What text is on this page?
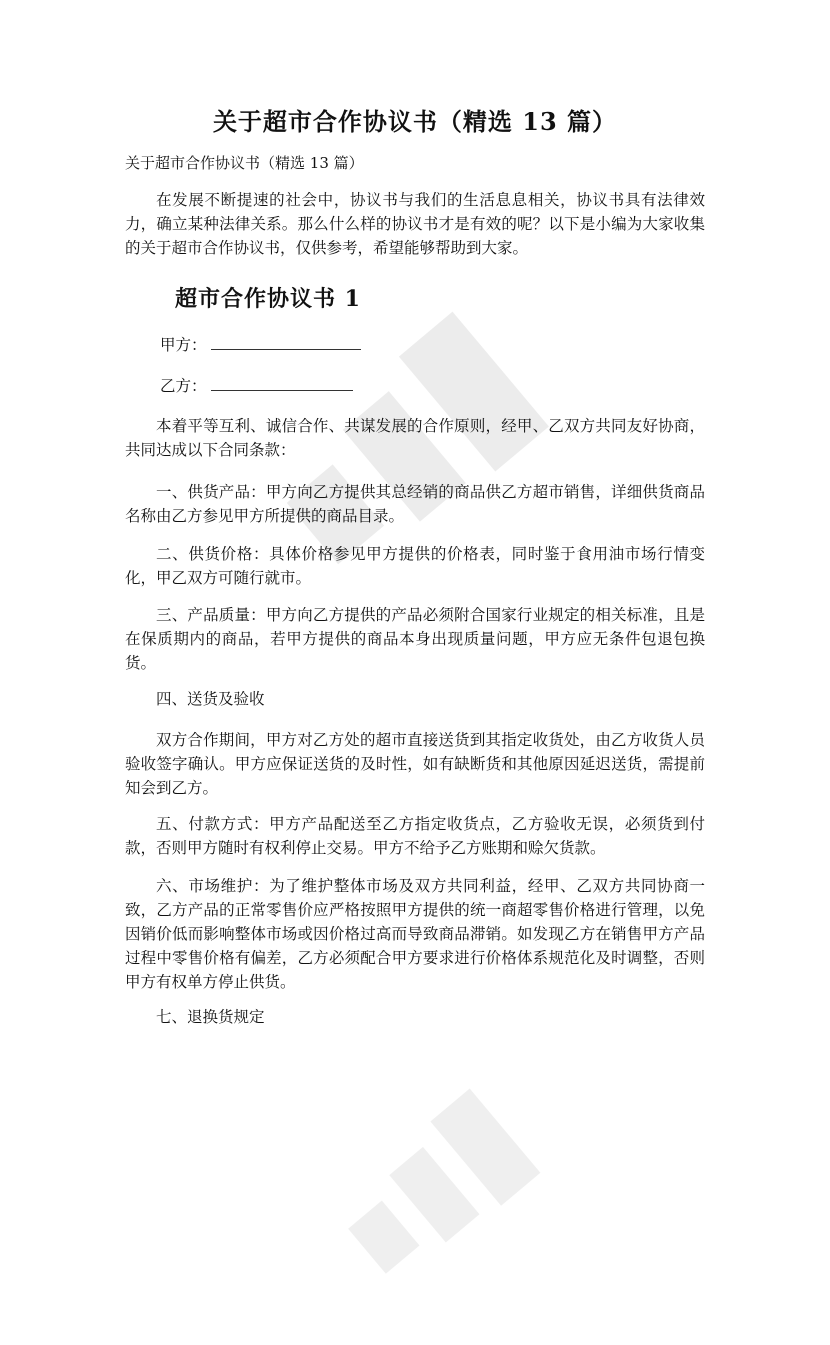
关于超市合作协议书（精选 13 篇）

关于超市合作协议书（精选 13 篇）

在发展不断提速的社会中，协议书与我们的生活息息相关，协议书具有法律效力，确立某种法律关系。那么什么样的协议书才是有效的呢？以下是小编为大家收集的关于超市合作协议书，仅供参考，希望能够帮助到大家。

超市合作协议书 1

甲方：

乙方：

本着平等互利、诚信合作、共谋发展的合作原则，经甲、乙双方共同友好协商，共同达成以下合同条款：

一、供货产品：甲方向乙方提供其总经销的商品供乙方超市销售，详细供货商品名称由乙方参见甲方所提供的商品目录。

二、供货价格：具体价格参见甲方提供的价格表，同时鉴于食用油市场行情变化，甲乙双方可随行就市。

三、产品质量：甲方向乙方提供的产品必须附合国家行业规定的相关标准，且是在保质期内的商品，若甲方提供的商品本身出现质量问题，甲方应无条件包退包换货。

四、送货及验收

双方合作期间，甲方对乙方处的超市直接送货到其指定收货处，由乙方收货人员验收签字确认。甲方应保证送货的及时性，如有缺断货和其他原因延迟送货，需提前知会到乙方。

五、付款方式：甲方产品配送至乙方指定收货点，乙方验收无误，必须货到付款，否则甲方随时有权利停止交易。甲方不给予乙方账期和赊欠货款。

六、市场维护：为了维护整体市场及双方共同利益，经甲、乙双方共同协商一致，乙方产品的正常零售价应严格按照甲方提供的统一商超零售价格进行管理，以免因销价低而影响整体市场或因价格过高而导致商品滞销。如发现乙方在销售甲方产品过程中零售价格有偏差，乙方必须配合甲方要求进行价格体系规范化及时调整，否则甲方有权单方停止供货。

七、退换货规定
